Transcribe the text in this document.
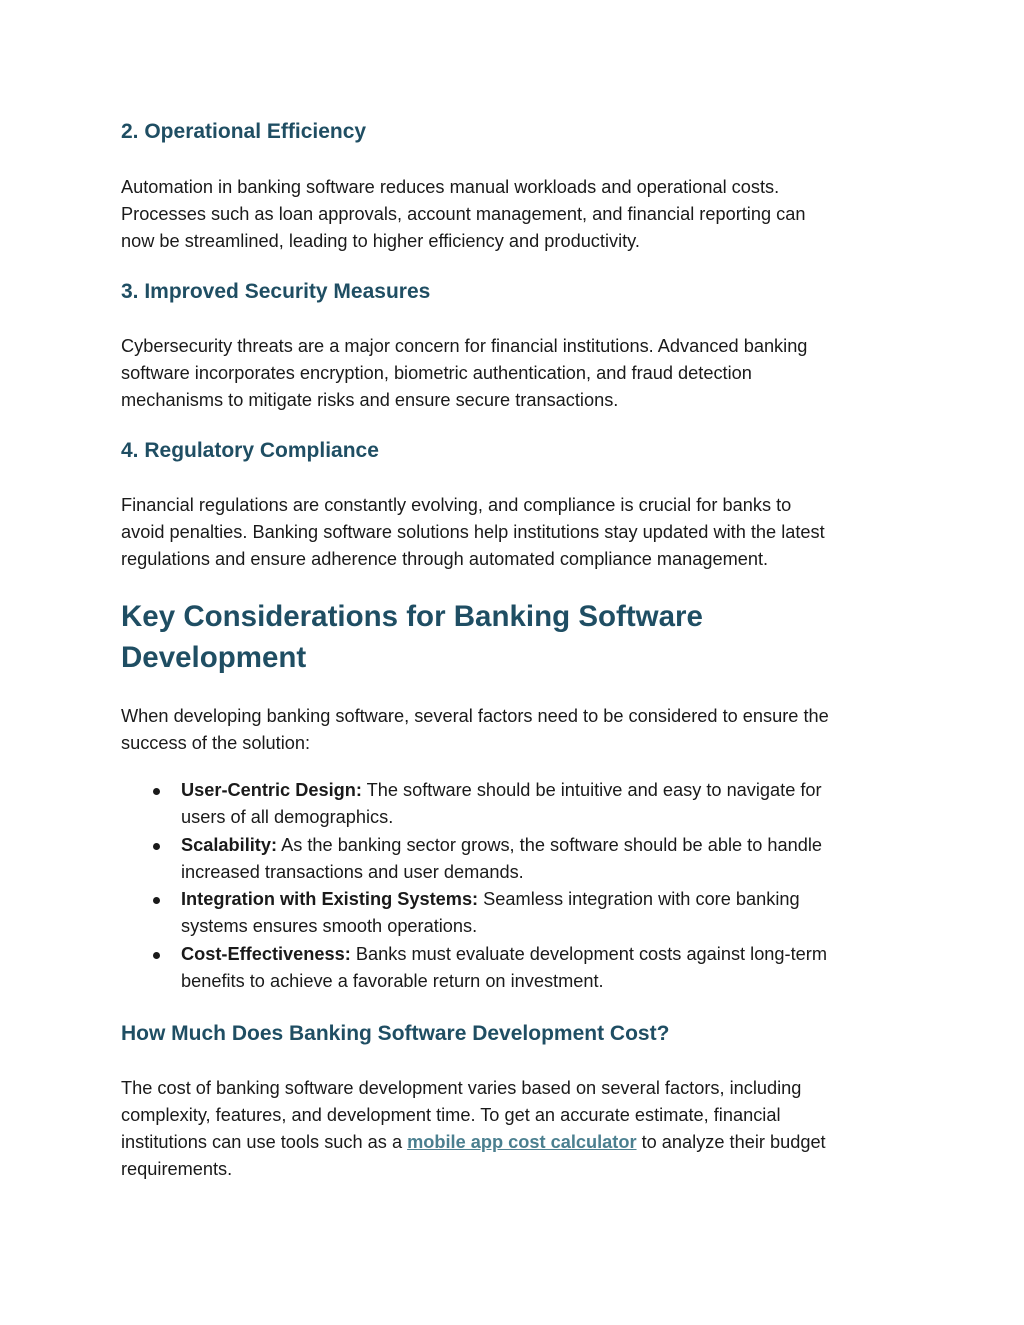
2. Operational Efficiency

Automation in banking software reduces manual workloads and operational costs.
Processes such as loan approvals, account management, and financial reporting can
now be streamlined, leading to higher efficiency and productivity.

3. Improved Security Measures

Cybersecurity threats are a major concern for financial institutions. Advanced banking
software incorporates encryption, biometric authentication, and fraud detection
mechanisms to mitigate risks and ensure secure transactions.

4. Regulatory Compliance

Financial regulations are constantly evolving, and compliance is crucial for banks to
avoid penalties. Banking software solutions help institutions stay updated with the latest
regulations and ensure adherence through automated compliance management.

Key Considerations for Banking Software
Development

When developing banking software, several factors need to be considered to ensure the
success of the solution:

User-Centric Design: The software should be intuitive and easy to navigate for
users of all demographics.
Scalability: As the banking sector grows, the software should be able to handle
increased transactions and user demands.
Integration with Existing Systems: Seamless integration with core banking
systems ensures smooth operations.
Cost-Effectiveness: Banks must evaluate development costs against long-term
benefits to achieve a favorable return on investment.
How Much Does Banking Software Development Cost?

The cost of banking software development varies based on several factors, including
complexity, features, and development time. To get an accurate estimate, financial
institutions can use tools such as a mobile app cost calculator to analyze their budget
requirements.
